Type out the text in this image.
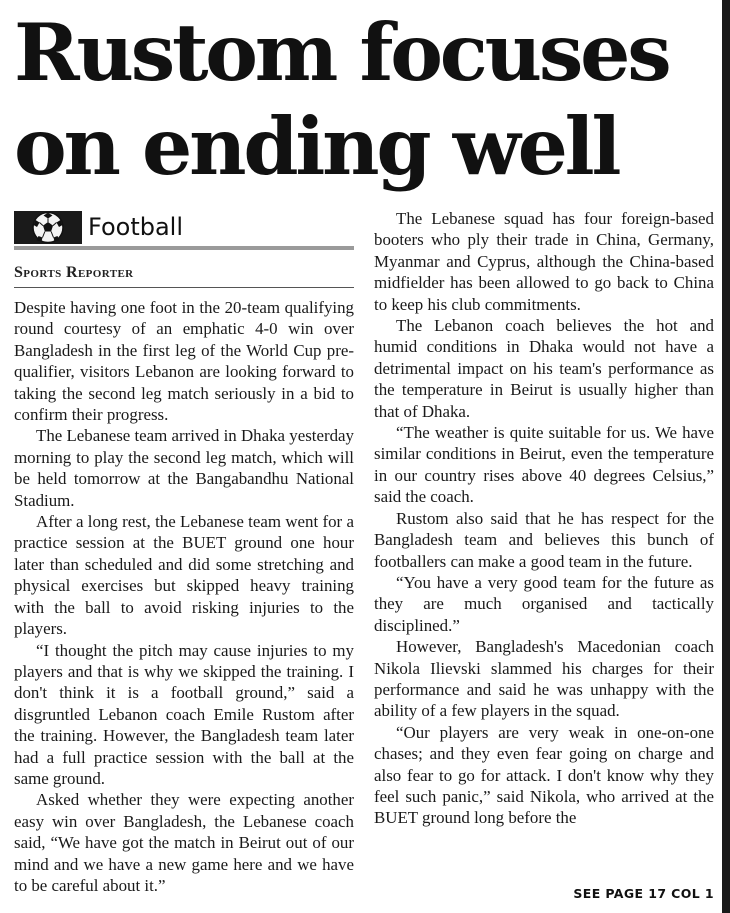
Rustom focuses
on ending well
Football
Sports Reporter

Despite having one foot in the 20-team qualifying round courtesy of an emphatic 4-0 win over Bangladesh in the first leg of the World Cup pre-qualifier, visitors Lebanon are looking forward to taking the second leg match seriously in a bid to confirm their progress.

The Lebanese team arrived in Dhaka yesterday morning to play the second leg match, which will be held tomorrow at the Bangabandhu National Stadium.

After a long rest, the Lebanese team went for a practice session at the BUET ground one hour later than scheduled and did some stretching and physical exercises but skipped heavy training with the ball to avoid risking injuries to the players.

“I thought the pitch may cause injuries to my players and that is why we skipped the training. I don't think it is a football ground,” said a disgruntled Lebanon coach Emile Rustom after the training. However, the Bangladesh team later had a full practice session with the ball at the same ground.

Asked whether they were expecting another easy win over Bangladesh, the Lebanese coach said, “We have got the match in Beirut out of our mind and we have a new game here and we have to be careful about it.”

The Lebanese squad has four foreign-based booters who ply their trade in China, Germany, Myanmar and Cyprus, although the China-based midfielder has been allowed to go back to China to keep his club commitments.

The Lebanon coach believes the hot and humid conditions in Dhaka would not have a detrimental impact on his team's performance as the temperature in Beirut is usually higher than that of Dhaka.

“The weather is quite suitable for us. We have similar conditions in Beirut, even the temperature in our country rises above 40 degrees Celsius,” said the coach.

Rustom also said that he has respect for the Bangladesh team and believes this bunch of footballers can make a good team in the future.

“You have a very good team for the future as they are much organised and tactically disciplined.”

However, Bangladesh's Macedonian coach Nikola Ilievski slammed his charges for their performance and said he was unhappy with the ability of a few players in the squad.

“Our players are very weak in one-on-one chases; and they even fear going on charge and also fear to go for attack. I don't know why they feel such panic,” said Nikola, who arrived at the BUET ground long before the

SEE PAGE 17 COL 1
